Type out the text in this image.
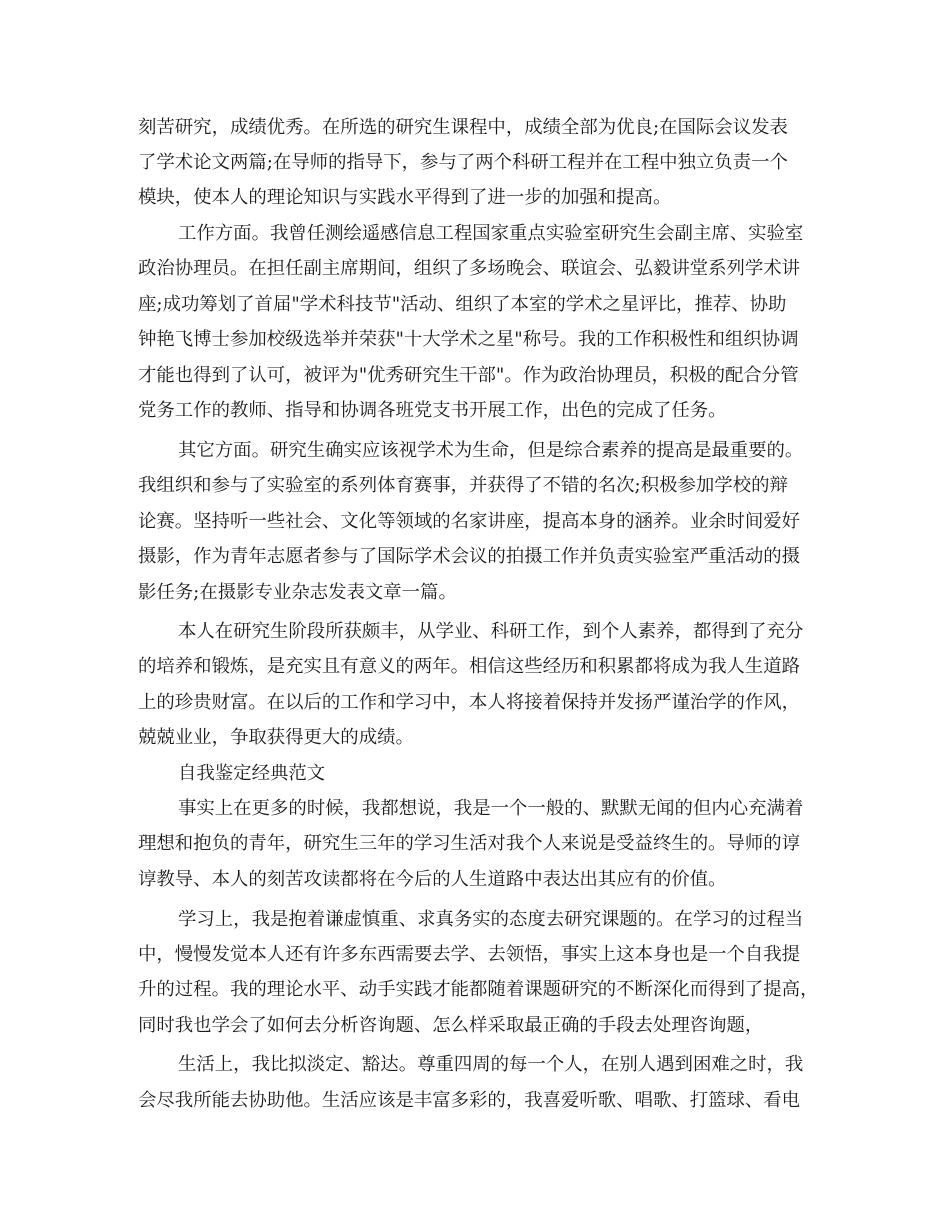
刻苦研究，成绩优秀。在所选的研究生课程中，成绩全部为优良;在国际会议发表
了学术论文两篇;在导师的指导下，参与了两个科研工程并在工程中独立负责一个
模块，使本人的理论知识与实践水平得到了进一步的加强和提高。
工作方面。我曾任测绘遥感信息工程国家重点实验室研究生会副主席、实验室
政治协理员。在担任副主席期间，组织了多场晚会、联谊会、弘毅讲堂系列学术讲
座;成功筹划了首届"学术科技节"活动、组织了本室的学术之星评比，推荐、协助
钟艳飞博士参加校级选举并荣获"十大学术之星"称号。我的工作积极性和组织协调
才能也得到了认可，被评为"优秀研究生干部"。作为政治协理员，积极的配合分管
党务工作的教师、指导和协调各班党支书开展工作，出色的完成了任务。
其它方面。研究生确实应该视学术为生命，但是综合素养的提高是最重要的。
我组织和参与了实验室的系列体育赛事，并获得了不错的名次;积极参加学校的辩
论赛。坚持听一些社会、文化等领域的名家讲座，提高本身的涵养。业余时间爱好
摄影，作为青年志愿者参与了国际学术会议的拍摄工作并负责实验室严重活动的摄
影任务;在摄影专业杂志发表文章一篇。
本人在研究生阶段所获颇丰，从学业、科研工作，到个人素养，都得到了充分
的培养和锻炼，是充实且有意义的两年。相信这些经历和积累都将成为我人生道路
上的珍贵财富。在以后的工作和学习中，本人将接着保持并发扬严谨治学的作风，
兢兢业业，争取获得更大的成绩。
自我鉴定经典范文
事实上在更多的时候，我都想说，我是一个一般的、默默无闻的但内心充满着
理想和抱负的青年，研究生三年的学习生活对我个人来说是受益终生的。导师的谆
谆教导、本人的刻苦攻读都将在今后的人生道路中表达出其应有的价值。
学习上，我是抱着谦虚慎重、求真务实的态度去研究课题的。在学习的过程当
中，慢慢发觉本人还有许多东西需要去学、去领悟，事实上这本身也是一个自我提
升的过程。我的理论水平、动手实践才能都随着课题研究的不断深化而得到了提高，
同时我也学会了如何去分析咨询题、怎么样采取最正确的手段去处理咨询题，
生活上，我比拟淡定、豁达。尊重四周的每一个人，在别人遇到困难之时，我
会尽我所能去协助他。生活应该是丰富多彩的，我喜爱听歌、唱歌、打篮球、看电
